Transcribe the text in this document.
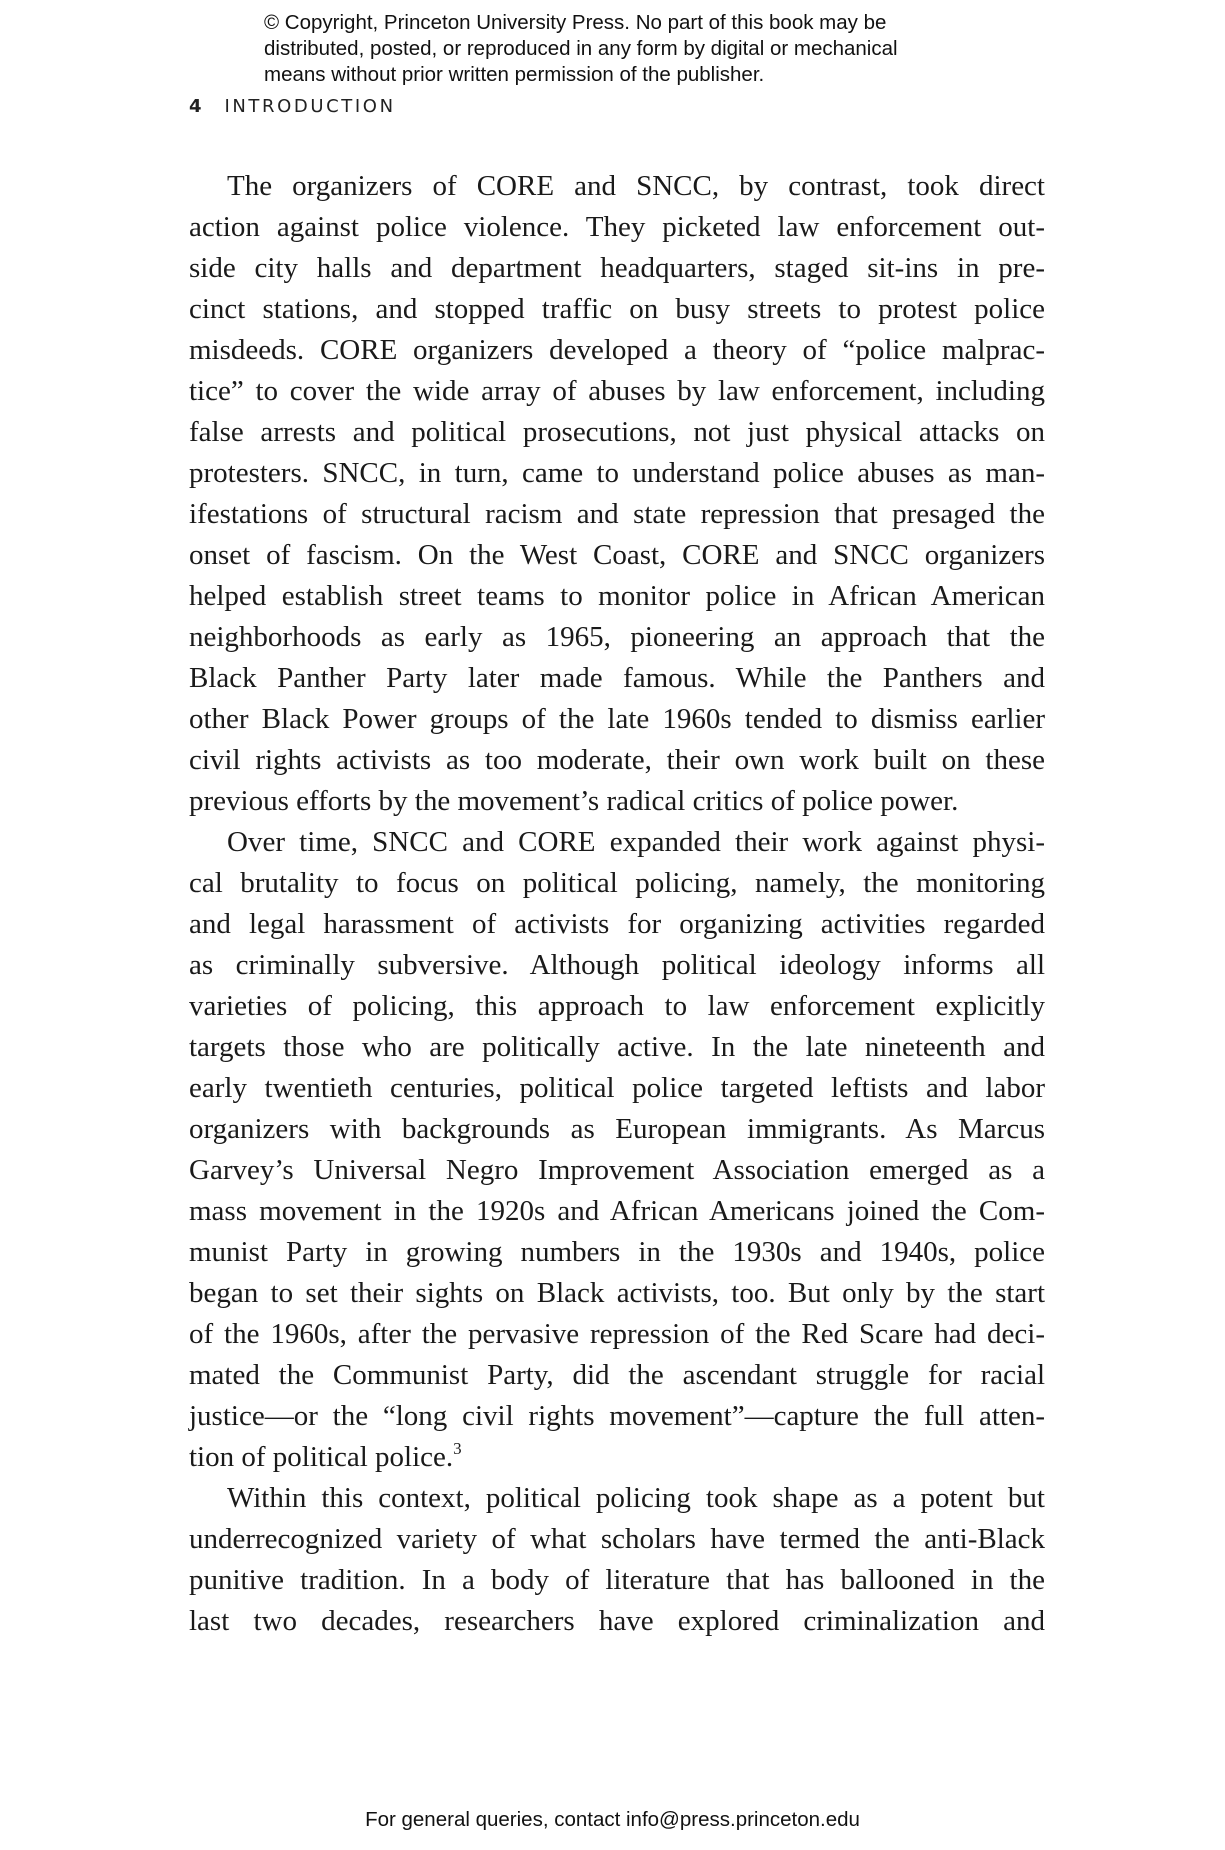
© Copyright, Princeton University Press. No part of this book may be
distributed, posted, or reproduced in any form by digital or mechanical
means without prior written permission of the publisher.
4 INTRODUCTION
The organizers of CORE and SNCC, by contrast, took direct
action against police violence. They picketed law enforcement out-
side city halls and department headquarters, staged sit-ins in pre-
cinct stations, and stopped traffic on busy streets to protest police
misdeeds. CORE organizers developed a theory of “police malprac-
tice” to cover the wide array of abuses by law enforcement, including
false arrests and political prosecutions, not just physical attacks on
protesters. SNCC, in turn, came to understand police abuses as man-
ifestations of structural racism and state repression that presaged the
onset of fascism. On the West Coast, CORE and SNCC organizers
helped establish street teams to monitor police in African American
neighborhoods as early as 1965, pioneering an approach that the
Black Panther Party later made famous. While the Panthers and
other Black Power groups of the late 1960s tended to dismiss earlier
civil rights activists as too moderate, their own work built on these
previous efforts by the movement’s radical critics of police power.
Over time, SNCC and CORE expanded their work against physi-
cal brutality to focus on political policing, namely, the monitoring
and legal harassment of activists for organizing activities regarded
as criminally subversive. Although political ideology informs all
varieties of policing, this approach to law enforcement explicitly
targets those who are politically active. In the late nineteenth and
early twentieth centuries, political police targeted leftists and labor
organizers with backgrounds as European immigrants. As Marcus
Garvey’s Universal Negro Improvement Association emerged as a
mass movement in the 1920s and African Americans joined the Com-
munist Party in growing numbers in the 1930s and 1940s, police
began to set their sights on Black activists, too. But only by the start
of the 1960s, after the pervasive repression of the Red Scare had deci-
mated the Communist Party, did the ascendant struggle for racial
justice—or the “long civil rights movement”—capture the full atten-
tion of political police.$^3$
Within this context, political policing took shape as a potent but
underrecognized variety of what scholars have termed the anti-Black
punitive tradition. In a body of literature that has ballooned in the
last two decades, researchers have explored criminalization and
For general queries, contact info@press.princeton.edu
